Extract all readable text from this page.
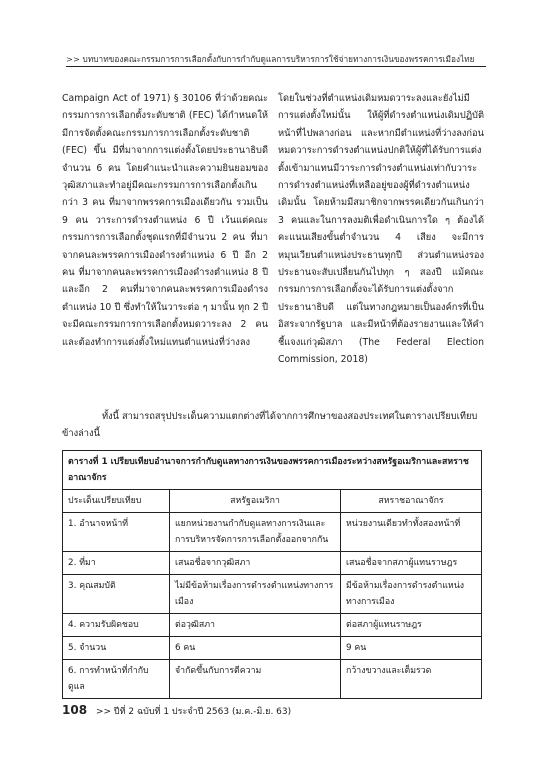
>> บทบาทของคณะกรรมการการเลือกตั้งกับการกำกับดูแลการบริหารการใช้จ่ายทางการเงินของพรรคการเมืองไทย

Campaign Act of 1971) § 30106 ที่ว่าด้วยคณะกรรมการการเลือกตั้งระดับชาติ (FEC) ได้กำหนดให้มีการจัดตั้งคณะกรรมการการเลือกตั้งระดับชาติ (FEC) ขึ้น มีที่มาจากการแต่งตั้งโดยประธานาธิบดีจำนวน 6 คน โดยคำแนะนำและความยินยอมของวุฒิสภาและทำอยู่มีคณะกรรมการการเลือกตั้งเกินกว่า 3 คน ที่มาจากพรรคการเมืองเดียวกัน รวมเป็น 9 คน วาระการดำรงตำแหน่ง 6 ปี เว้นแต่คณะกรรมการการเลือกตั้งชุดแรกที่มีจำนวน 2 คน ที่มาจากคนละพรรคการเมืองดำรงตำแหน่ง 6 ปี อีก 2 คน ที่มาจากคนละพรรคการเมืองดำรงตำแหน่ง 8 ปี และอีก 2 คนที่มาจากคนละพรรคการเมืองดำรงตำแหน่ง 10 ปี ซึ่งทำให้ในวาระต่อ ๆ มานั้น ทุก 2 ปี จะมีคณะกรรมการการเลือกตั้งหมดวาระลง 2 คน และต้องทำการแต่งตั้งใหม่แทนตำแหน่งที่ว่างลง

โดยในช่วงที่ตำแหน่งเดิมหมดวาระลงและยังไม่มีการแต่งตั้งใหม่นั้น ให้ผู้ที่ดำรงตำแหน่งเดิมปฏิบัติหน้าที่ไปพลางก่อน และหากมีตำแหน่งที่ว่างลงก่อนหมดวาระการดำรงตำแหน่งปกติให้ผู้ที่ได้รับการแต่งตั้งเข้ามาแทนมีวาระการดำรงตำแหน่งเท่ากับวาระการดำรงตำแหน่งที่เหลืออยู่ของผู้ที่ดำรงตำแหน่งเดิมนั้น โดยห้ามมีสมาชิกจากพรรคเดียวกันเกินกว่า 3 คนและในการลงมติเพื่อดำเนินการใด ๆ ต้องได้คะแนนเสียงขั้นต่ำจำนวน 4 เสียง จะมีการหมุนเวียนตำแหน่งประธานทุกปี ส่วนตำแหน่งรองประธานจะสับเปลี่ยนกันไปทุก ๆ สองปี แม้คณะกรรมการการเลือกตั้งจะได้รับการแต่งตั้งจากประธานาธิบดี แต่ในทางกฎหมายเป็นองค์กรที่เป็นอิสระจากรัฐบาล และมีหน้าที่ต้องรายงานและให้คำชี้แจงแก่วุฒิสภา (The Federal Election Commission, 2018)

ทั้งนี้ สามารถสรุปประเด็นความแตกต่างที่ได้จากการศึกษาของสองประเทศในตารางเปรียบเทียบข้างล่างนี้

ตารางที่ 1 เปรียบเทียบอำนาจการกำกับดูแลทางการเงินของพรรคการเมืองระหว่างสหรัฐอเมริกาและสหราชอาณาจักร		
ประเด็นเปรียบเทียบ	สหรัฐอเมริกา	สหราชอาณาจักร
1. อำนาจหน้าที่	แยกหน่วยงานกำกับดูแลทางการเงินและการบริหารจัดการการเลือกตั้งออกจากกัน	หน่วยงานเดียวทำทั้งสองหน้าที่
2. ที่มา	เสนอชื่อจากวุฒิสภา	เสนอชื่อจากสภาผู้แทนราษฎร
3. คุณสมบัติ	ไม่มีข้อห้ามเรื่องการดำรงตำแหน่งทางการเมือง	มีข้อห้ามเรื่องการดำรงตำแหน่งทางการเมือง
4. ความรับผิดชอบ	ต่อวุฒิสภา	ต่อสภาผู้แทนราษฎร
5. จำนวน	6 คน	9 คน
6. การทำหน้าที่กำกับดูแล	จำกัดขึ้นกับการตีความ	กว้างขวางและเต็มรวด
108 >> ปีที่ 2 ฉบับที่ 1 ประจำปี 2563 (ม.ค.-มิ.ย. 63)
